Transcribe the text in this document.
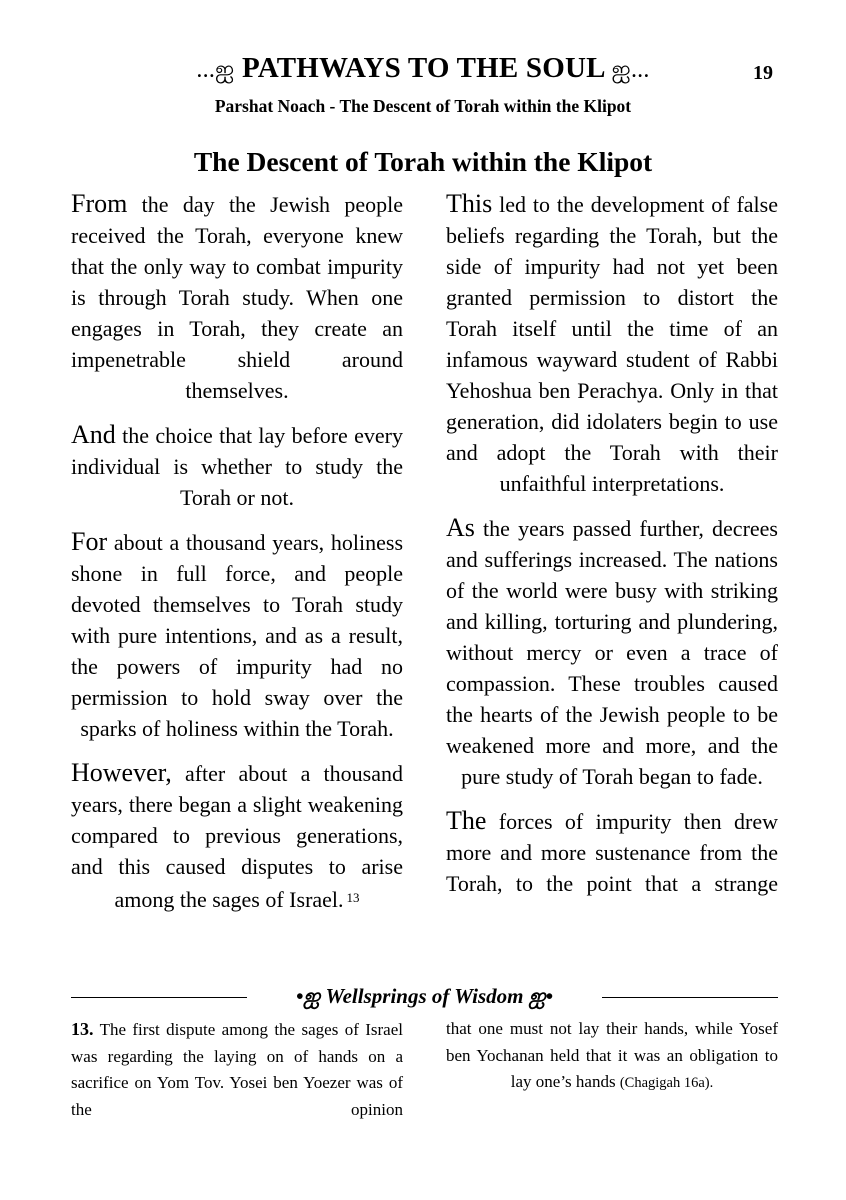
...ஐ PATHWAYS TO THE SOUL ஐ...	19
Parshat Noach - The Descent of Torah within the Klipot
The Descent of Torah within the Klipot

From the day the Jewish people received the Torah, everyone knew that the only way to combat impurity is through Torah study. When one engages in Torah, they create an impenetrable shield around themselves.

And the choice that lay before every individual is whether to study the Torah or not.

For about a thousand years, holiness shone in full force, and people devoted themselves to Torah study with pure intentions, and as a result, the powers of impurity had no permission to hold sway over the sparks of holiness within the Torah.

However, after about a thousand years, there began a slight weakening compared to previous generations, and this caused disputes to arise among the sages of Israel. $^{13}$

This led to the development of false beliefs regarding the Torah, but the side of impurity had not yet been granted permission to distort the Torah itself until the time of an infamous wayward student of Rabbi Yehoshua ben Perachya. Only in that generation, did idolaters begin to use and adopt the Torah with their unfaithful interpretations.

As the years passed further, decrees and sufferings increased. The nations of the world were busy with striking and killing, torturing and plundering, without mercy or even a trace of compassion. These troubles caused the hearts of the Jewish people to be weakened more and more, and the pure study of Torah began to fade.

The forces of impurity then drew more and more sustenance from the Torah, to the point that a strange

•ஐ Wellsprings of Wisdom ஐ•

13. The first dispute among the sages of Israel was regarding the laying on of hands on a sacrifice on Yom Tov. Yosei ben Yoezer was of the opinion

that one must not lay their hands, while Yosef ben Yochanan held that it was an obligation to lay one’s hands (Chagigah 16a).
